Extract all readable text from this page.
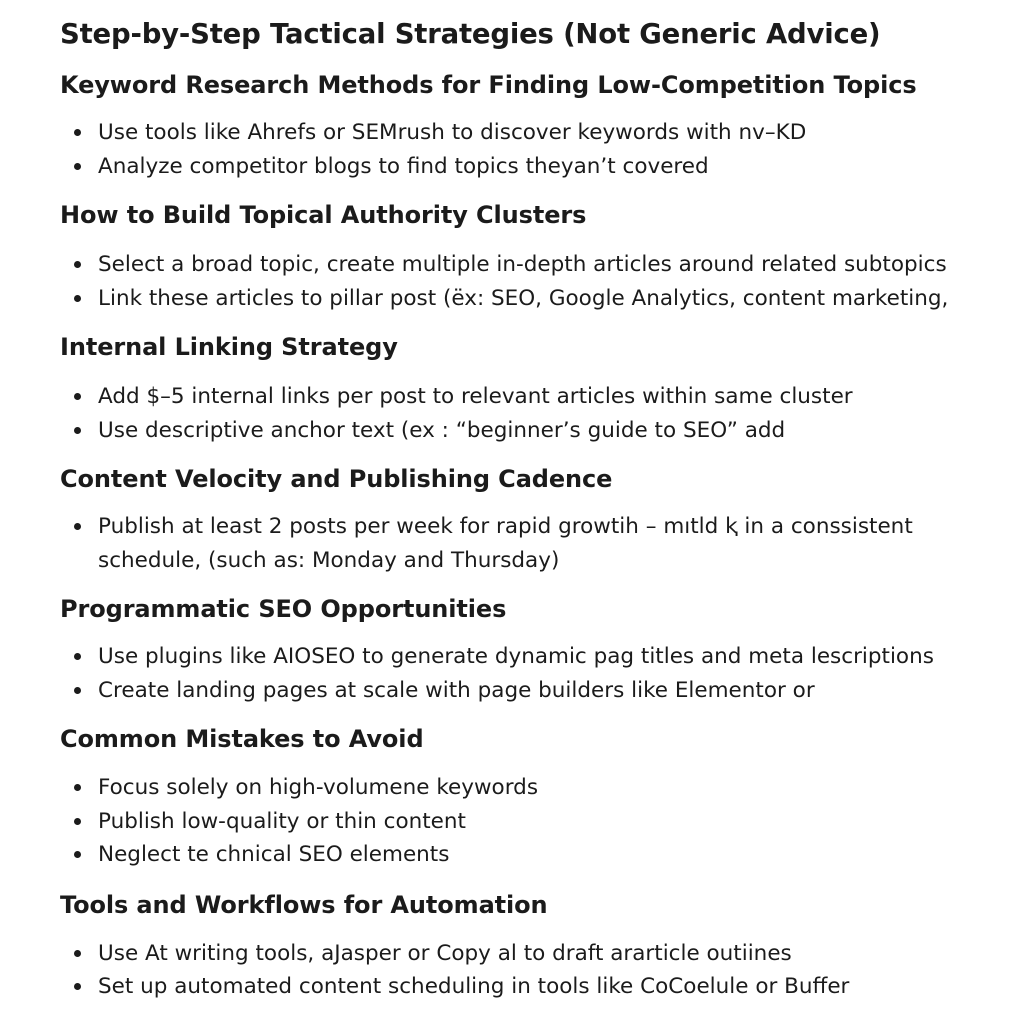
Step-by-Step Tactical Strategies (Not Generic Advice)
Keyword Research Methods for Finding Low-Competition Topics
Use tools like Ahrefs or SEMrush to discover keywords with nv–KD
Analyze competitor blogs to find topics theyan’t covered
How to Build Topical Authority Clusters
Select a broad topic, create multiple in-depth articles around related subtopics
Link these articles to pillar post (ëx: SEO, Google Analytics, content marketing,
Internal Linking Strategy
Add $–5 internal links per post to relevant articles within same cluster
Use descriptive anchor text (ex : “beginner’s guide to SEO” add
Content Velocity and Publishing Cadence
Publish at least 2 posts per week for rapid growtih – mıtld ⱪ in a conssistent schedule, (such as: Monday and Thursday)
Programmatic SEO Opportunities
Use plugins like AIOSEO to generate dynamic pag titles and meta lescriptions
Create landing pages at scale with page builders like Elementor or
Common Mistakes to Avoid
Focus solely on high-volumene keywords
Publish low-quality or thin content
Neglect te chnical SEO elements
Tools and Workflows for Automation
Use At writing tools, aJasper or Copy al to draft ararticle outiines
Set up automated content scheduling in tools like CoCoelule or Buffer
